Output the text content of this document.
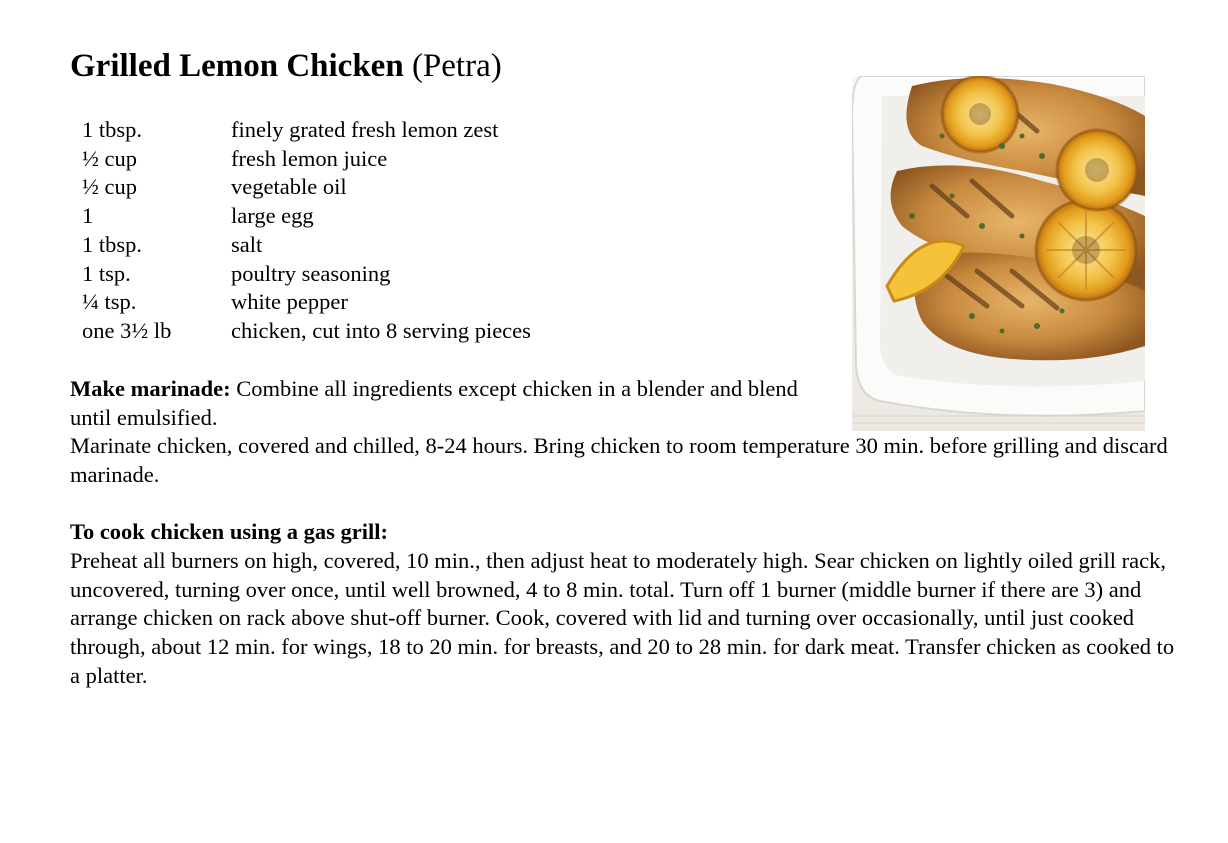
Grilled Lemon Chicken (Petra)
1 tbsp.	finely grated fresh lemon zest
½ cup	fresh lemon juice
½ cup	vegetable oil
1	large egg
1 tbsp.	salt
1 tsp.	poultry seasoning
¼ tsp.	white pepper
one 3½ lb	chicken, cut into 8 serving pieces

Make marinade: Combine all ingredients except chicken in a blender and blend until emulsified.

Marinate chicken, covered and chilled, 8-24 hours. Bring chicken to room temperature 30 min. before grilling and discard marinade.

To cook chicken using a gas grill:

Preheat all burners on high, covered, 10 min., then adjust heat to moderately high. Sear chicken on lightly oiled grill rack, uncovered, turning over once, until well browned, 4 to 8 min. total. Turn off 1 burner (middle burner if there are 3) and arrange chicken on rack above shut-off burner. Cook, covered with lid and turning over occasionally, until just cooked through, about 12 min. for wings, 18 to 20 min. for breasts, and 20 to 28 min. for dark meat. Transfer chicken as cooked to a platter.
